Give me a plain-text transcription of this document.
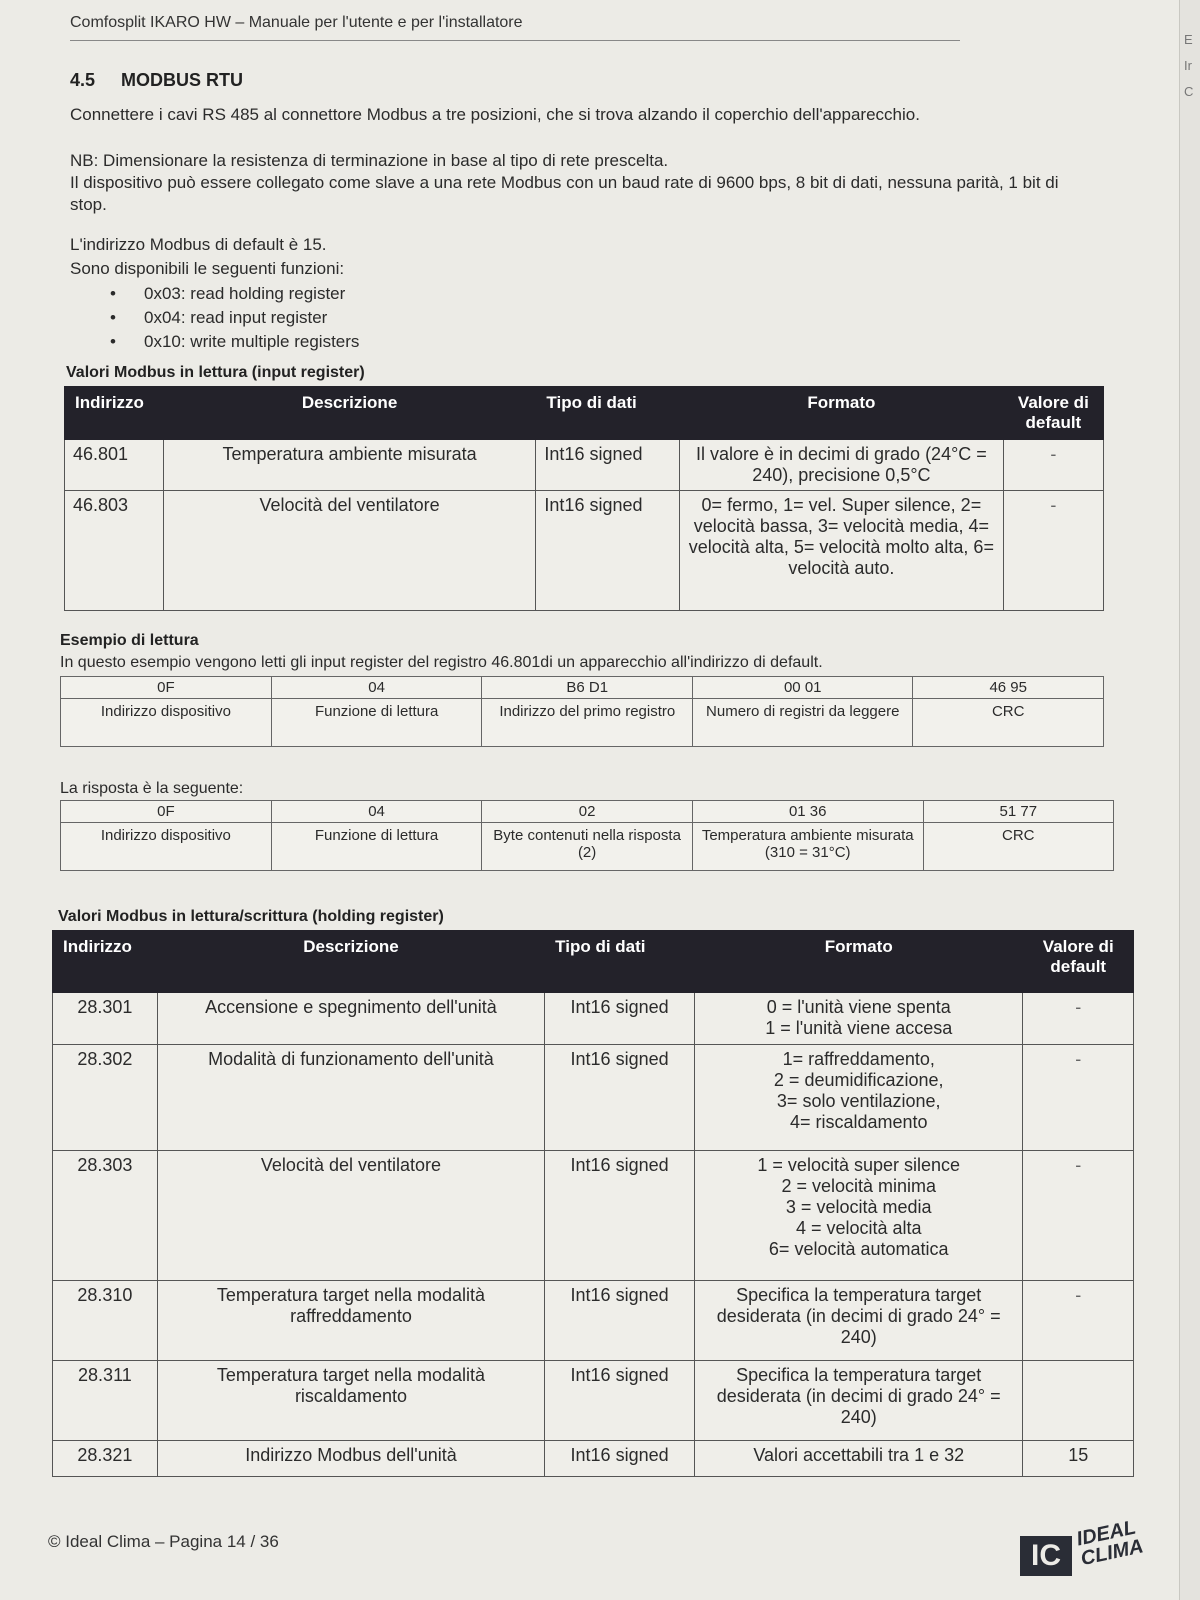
Comfosplit IKARO HW – Manuale per l'utente e per l'installatore
4.5 MODBUS RTU
Connettere i cavi RS 485 al connettore Modbus a tre posizioni, che si trova alzando il coperchio dell'apparecchio.
NB: Dimensionare la resistenza di terminazione in base al tipo di rete prescelta.
Il dispositivo può essere collegato come slave a una rete Modbus con un baud rate di 9600 bps, 8 bit di dati, nessuna parità, 1 bit di stop.
L'indirizzo Modbus di default è 15.
Sono disponibili le seguenti funzioni:
• 0x03: read holding register
• 0x04: read input register
• 0x10: write multiple registers
Valori Modbus in lettura (input register)
Indirizzo	Descrizione	Tipo di dati	Formato	Valore di default
46.801	Temperatura ambiente misurata	Int16 signed	Il valore è in decimi di grado (24°C = 240), precisione 0,5°C	-
46.803	Velocità del ventilatore	Int16 signed	0= fermo, 1= vel. Super silence, 2= velocità bassa, 3= velocità media, 4= velocità alta, 5= velocità molto alta, 6= velocità auto.	-
Esempio di lettura
In questo esempio vengono letti gli input register del registro 46.801di un apparecchio all'indirizzo di default.
0F	04	B6 D1	00 01	46 95
Indirizzo dispositivo	Funzione di lettura	Indirizzo del primo registro	Numero di registri da leggere	CRC
La risposta è la seguente:
0F	04	02	01 36	51 77
Indirizzo dispositivo	Funzione di lettura	Byte contenuti nella risposta (2)	Temperatura ambiente misurata (310 = 31°C)	CRC
Valori Modbus in lettura/scrittura (holding register)
Indirizzo	Descrizione	Tipo di dati	Formato	Valore di default
28.301	Accensione e spegnimento dell'unità	Int16 signed	0 = l'unità viene spenta
1 = l'unità viene accesa	-
28.302	Modalità di funzionamento dell'unità	Int16 signed	1= raffreddamento,
2 = deumidificazione,
3= solo ventilazione,
4= riscaldamento	-
28.303	Velocità del ventilatore	Int16 signed	1 = velocità super silence
2 = velocità minima
3 = velocità media
4 = velocità alta
6= velocità automatica	-
28.310	Temperatura target nella modalità raffreddamento	Int16 signed	Specifica la temperatura target desiderata (in decimi di grado 24° = 240)	-
28.311	Temperatura target nella modalità riscaldamento	Int16 signed	Specifica la temperatura target desiderata (in decimi di grado 24° = 240)	
28.321	Indirizzo Modbus dell'unità	Int16 signed	Valori accettabili tra 1 e 32	15
© Ideal Clima – Pagina 14 / 36	IC
IDEAL CLIMA
E
Ir
C
